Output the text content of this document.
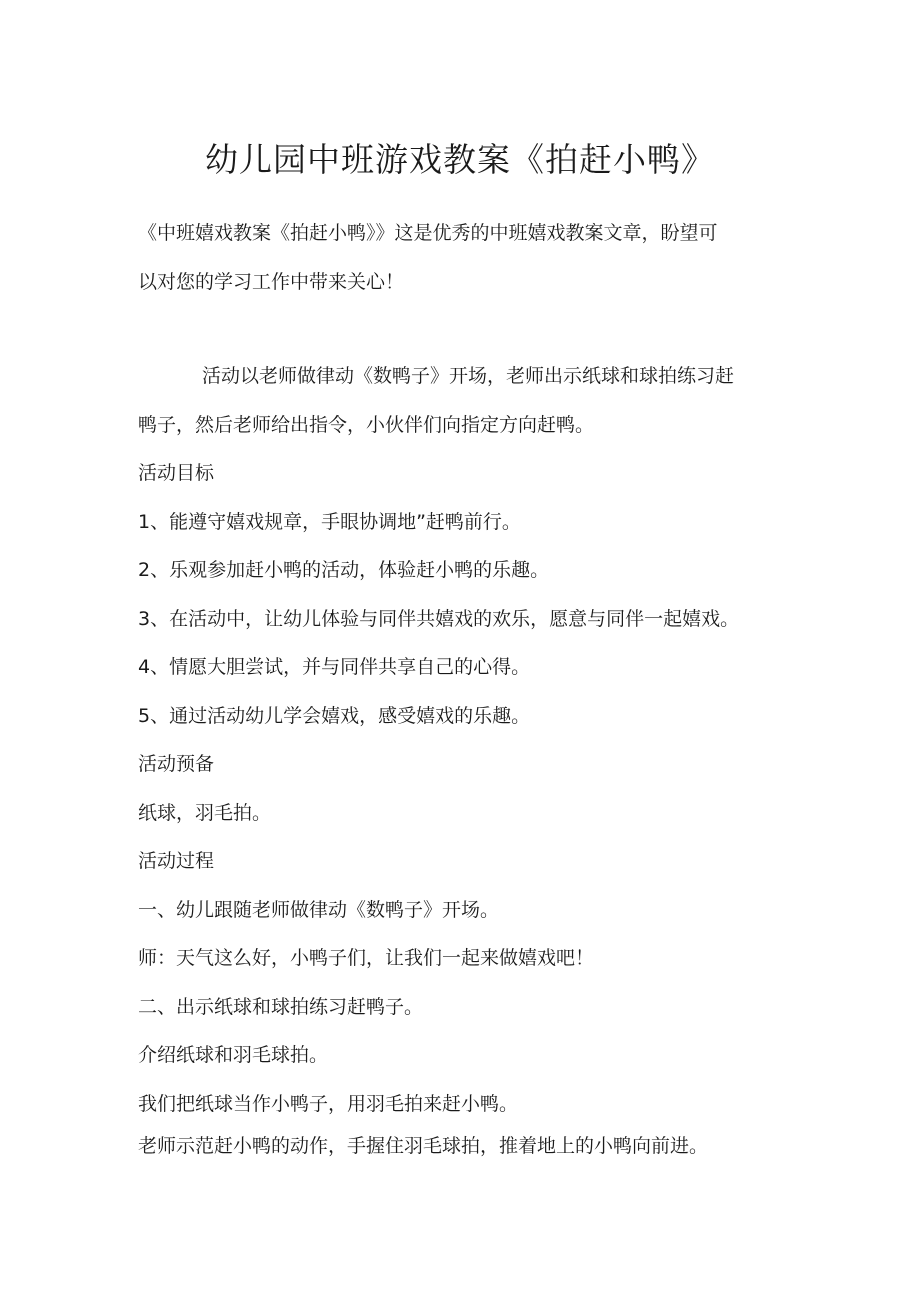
幼儿园中班游戏教案《拍赶小鸭》

《中班嬉戏教案《拍赶小鸭》》这是优秀的中班嬉戏教案文章，盼望可

以对您的学习工作中带来关心！

活动以老师做律动《数鸭子》开场，老师出示纸球和球拍练习赶

鸭子，然后老师给出指令，小伙伴们向指定方向赶鸭。

活动目标

1、能遵守嬉戏规章，手眼协调地”赶鸭前行。

2、乐观参加赶小鸭的活动，体验赶小鸭的乐趣。

3、在活动中，让幼儿体验与同伴共嬉戏的欢乐，愿意与同伴一起嬉戏。

4、情愿大胆尝试，并与同伴共享自己的心得。

5、通过活动幼儿学会嬉戏，感受嬉戏的乐趣。

活动预备

纸球，羽毛拍。

活动过程

一、幼儿跟随老师做律动《数鸭子》开场。

师：天气这么好，小鸭子们，让我们一起来做嬉戏吧！

二、出示纸球和球拍练习赶鸭子。

介绍纸球和羽毛球拍。

我们把纸球当作小鸭子，用羽毛拍来赶小鸭。

老师示范赶小鸭的动作，手握住羽毛球拍，推着地上的小鸭向前进。
